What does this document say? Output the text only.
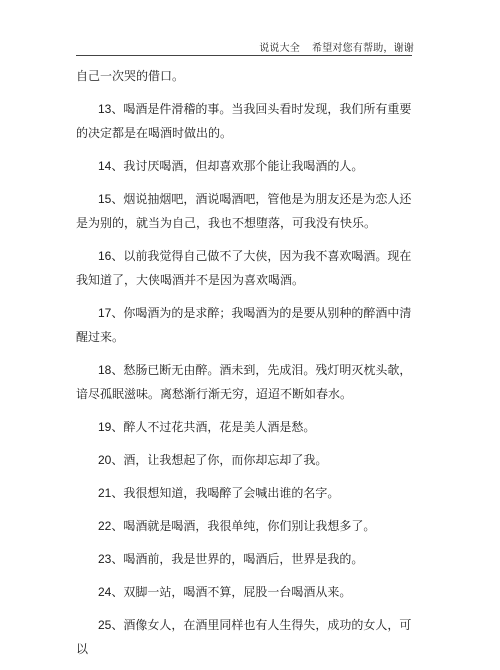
说说大全 希望对您有帮助，谢谢

自己一次哭的借口。

13、喝酒是件滑稽的事。当我回头看时发现，我们所有重要的决定都是在喝酒时做出的。

14、我讨厌喝酒，但却喜欢那个能让我喝酒的人。

15、烟说抽烟吧，酒说喝酒吧，管他是为朋友还是为恋人还是为别的，就当为自己，我也不想堕落，可我没有快乐。

16、以前我觉得自己做不了大侠，因为我不喜欢喝酒。现在我知道了，大侠喝酒并不是因为喜欢喝酒。

17、你喝酒为的是求醉；我喝酒为的是要从别种的醉酒中清醒过来。

18、愁肠已断无由醉。酒未到，先成泪。残灯明灭枕头欹，谙尽孤眠滋味。离愁渐行渐无穷，迢迢不断如春水。

19、醉人不过花共酒，花是美人酒是愁。

20、酒，让我想起了你，而你却忘却了我。

21、我很想知道，我喝醉了会喊出谁的名字。

22、喝酒就是喝酒，我很单纯，你们别让我想多了。

23、喝酒前，我是世界的，喝酒后，世界是我的。

24、双脚一站，喝酒不算，屁股一台喝酒从来。

25、酒像女人，在酒里同样也有人生得失，成功的女人，可以
